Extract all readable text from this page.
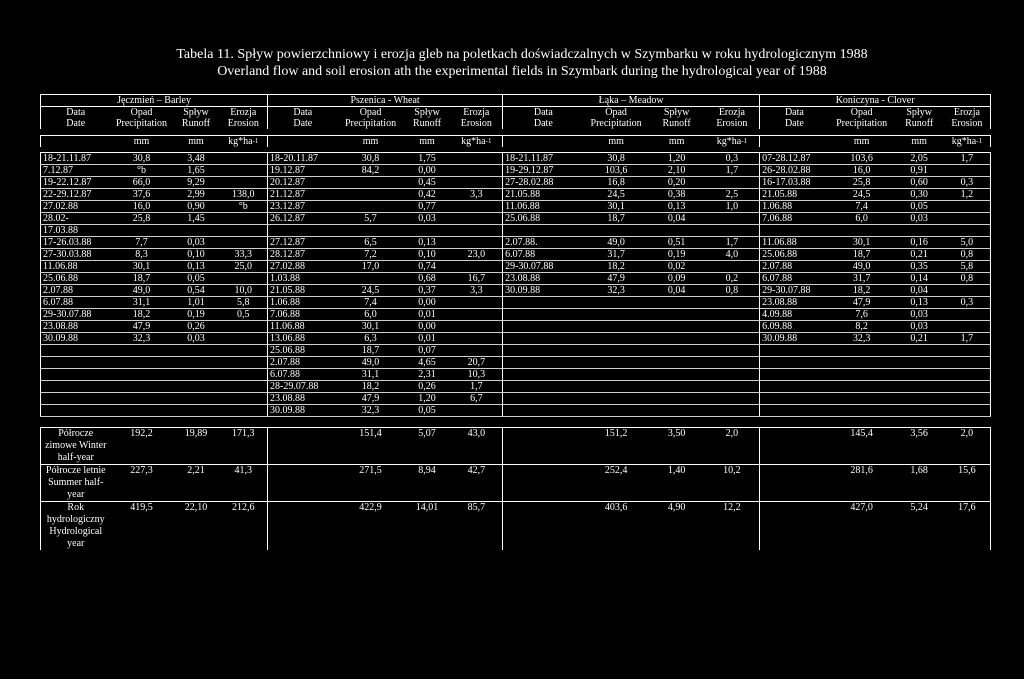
Tabela 11. Spływ powierzchniowy i erozja gleb na poletkach doświadczalnych w Szymbarku w roku hydrologicznym 1988
Overland flow and soil erosion ath the experimental fields in Szymbark during the hydrological year of 1988
Jęczmień – Barley				Pszenica - Wheat				Łąka – Meadow				Koniczyna - Clover			
Data	Opad	Spływ	Erozja	Data	Opad	Spływ	Erozja	Data	Opad	Spływ	Erozja	Data	Opad	Spływ	Erozja
Date	Precipitation	Runoff	Erosion	Date	Precipitation	Runoff	Erosion	Date	Precipitation	Runoff	Erosion	Date	Precipitation	Runoff	Erosion

	mm	mm	$kg*ha^{-1}$		mm	mm	$kg*ha^{-1}$		mm	mm	$kg*ha^{-1}$		mm	mm	$kg*ha^{-1}$

18-21.11.87	30,8	3,48		18-20.11.87	30,8	1,75		18-21.11.87	30,8	1,20	0,3	07-28.12.87	103,6	2,05	1,7
7.12.87	°b	1,65		19.12.87	84,2	0,00		19-29.12.87	103,6	2,10	1,7	26-28.02.88	16,0	0,91	
19-22.12.87	66,0	9,29		20.12.87		0,45		27-28.02.88	16,8	0,20		16-17.03.88	25,8	0,60	0,3
22-29.12.87	37,6	2,99	138,0	21.12.87		0,42	3,3	21.05.88	24,5	0,38	2,5	21.05.88	24,5	0,30	1,2
27.02.88	16,0	0,90	°b	23.12.87		0,77		11.06.88	30,1	0,13	1,0	1.06.88	7,4	0,05	
28.02-	25,8	1,45		26.12.87	5,7	0,03		25.06.88	18,7	0,04		7.06.88	6,0	0,03	
17.03.88															
17-26.03.88	7,7	0,03		27.12.87	6,5	0,13		2.07.88.	49,0	0,51	1,7	11.06.88	30,1	0,16	5,0
27-30.03.88	8,3	0,10	33,3	28.12.87	7,2	0,10	23,0	6.07.88	31,7	0,19	4,0	25.06.88	18,7	0,21	0,8
11.06.88	30,1	0,13	25,0	27.02.88	17,0	0,74		29-30.07.88	18,2	0,02		2.07.88	49,0	0,35	5,8
25.06.88	18,7	0,05		1.03.88		0,68	16,7	23.08.88	47,9	0,09	0,2	6.07.88	31,7	0,14	0,8
2.07.88	49,0	0,54	10,0	21.05.88	24,5	0,37	3,3	30.09.88	32,3	0,04	0,8	29-30.07.88	18,2	0,04	
6.07.88	31,1	1,01	5,8	1.06.88	7,4	0,00						23.08.88	47,9	0,13	0,3
29-30.07.88	18,2	0,19	0,5	7.06.88	6,0	0,01						4.09.88	7,6	0,03	
23.08.88	47,9	0,26		11.06.88	30,1	0,00						6.09.88	8,2	0,03	
30.09.88	32,3	0,03		13.06.88	6,3	0,01						30.09.88	32,3	0,21	1,7
				25.06.88	18,7	0,07									
				2.07.88	49,0	4,65	20,7								
				6.07.88	31,1	2,31	10,3								
				28-29.07.88	18,2	0,26	1,7								
				23.08.88	47,9	1,20	6,7								
				30.09.88	32,3	0,05									

Półrocze zimowe Winter half-year	192,2	19,89	171,3		151,4	5,07	43,0		151,2	3,50	2,0		145,4	3,56	2,0
Półrocze letnie Summer half-year	227,3	2,21	41,3		271,5	8,94	42,7		252,4	1,40	10,2		281,6	1,68	15,6
Rok hydrologiczny Hydrological year	419,5	22,10	212,6		422,9	14,01	85,7		403,6	4,90	12,2		427,0	5,24	17,6
